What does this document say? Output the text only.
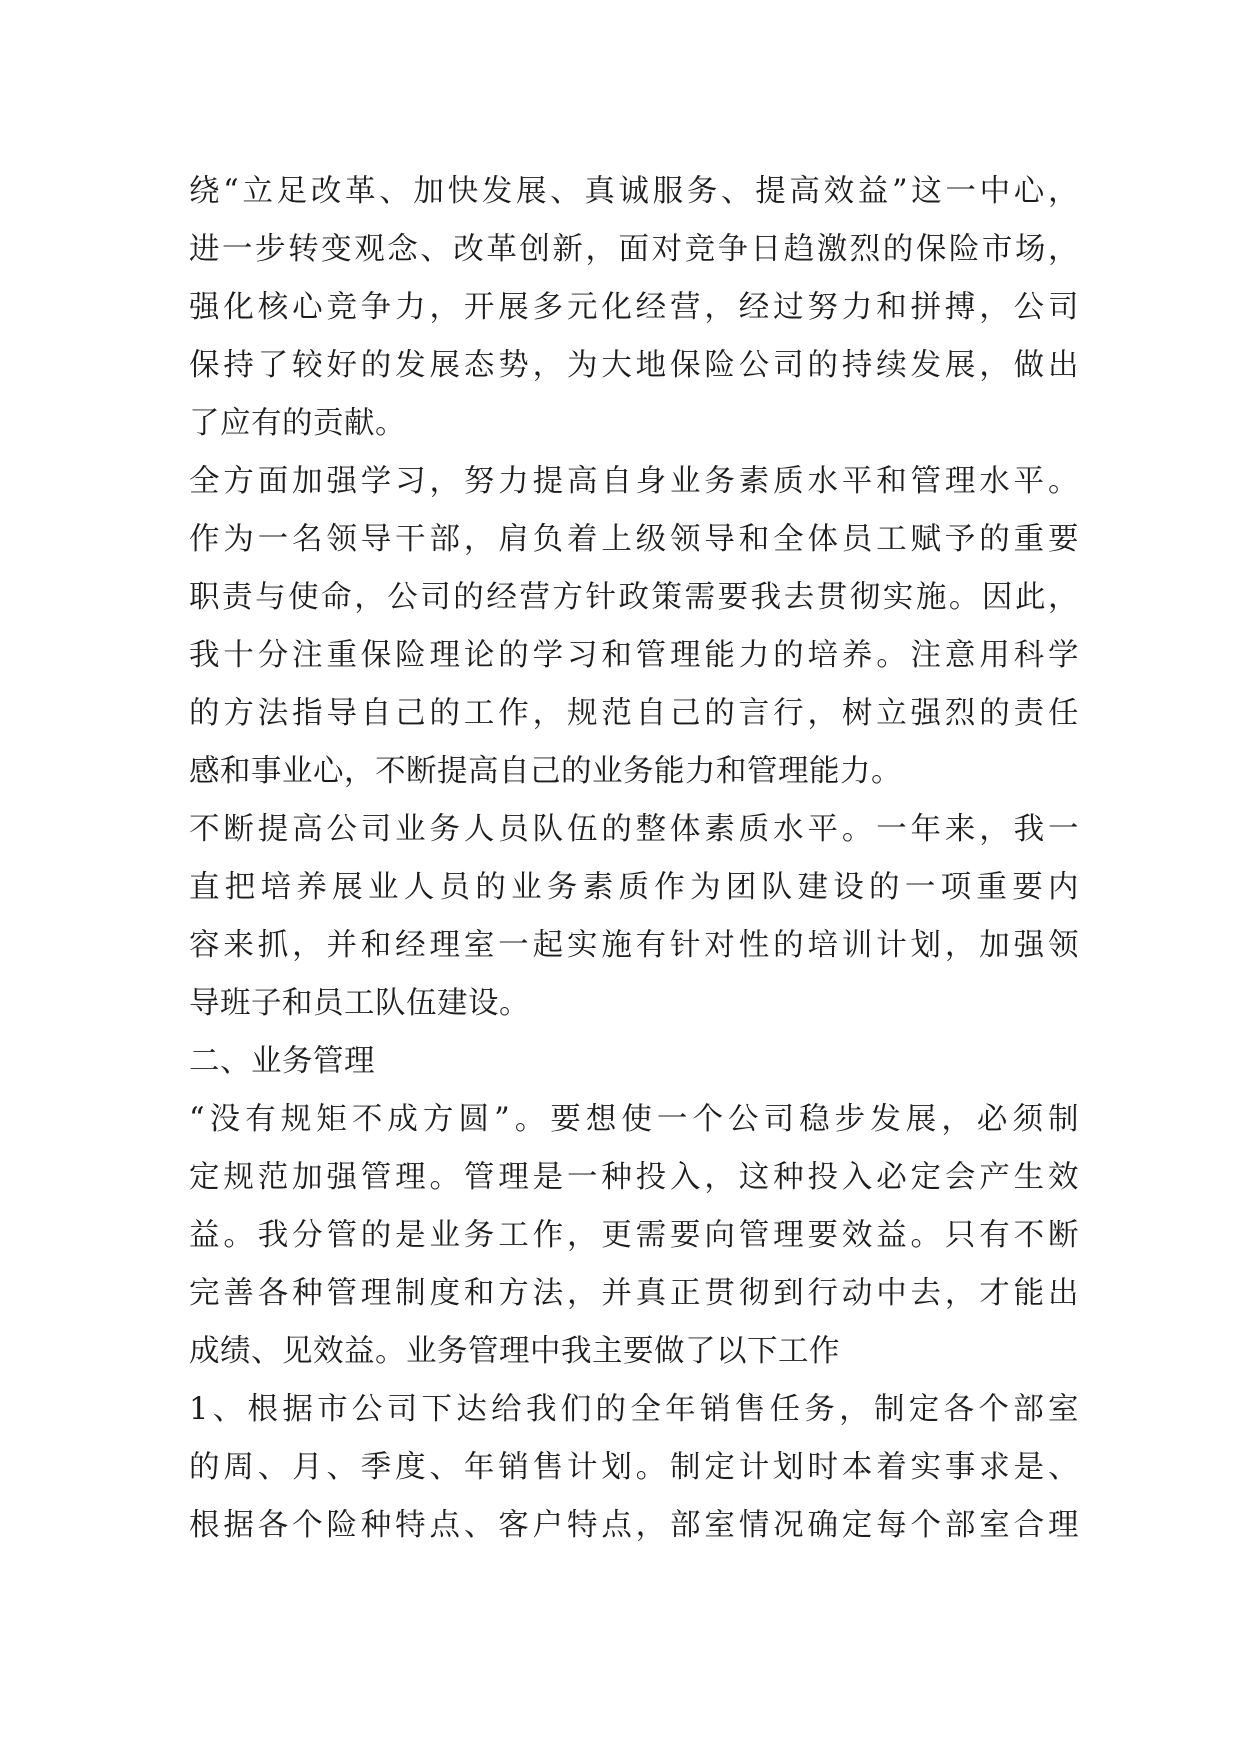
绕“立足改革、加快发展、真诚服务、提高效益”这一中心，
进一步转变观念、改革创新，面对竞争日趋激烈的保险市场，
强化核心竞争力，开展多元化经营，经过努力和拼搏，公司
保持了较好的发展态势，为大地保险公司的持续发展，做出
了应有的贡献。
全方面加强学习，努力提高自身业务素质水平和管理水平。
作为一名领导干部，肩负着上级领导和全体员工赋予的重要
职责与使命，公司的经营方针政策需要我去贯彻实施。因此，
我十分注重保险理论的学习和管理能力的培养。注意用科学
的方法指导自己的工作，规范自己的言行，树立强烈的责任
感和事业心，不断提高自己的业务能力和管理能力。
不断提高公司业务人员队伍的整体素质水平。一年来，我一
直把培养展业人员的业务素质作为团队建设的一项重要内
容来抓，并和经理室一起实施有针对性的培训计划，加强领
导班子和员工队伍建设。
二、业务管理
“没有规矩不成方圆”。要想使一个公司稳步发展，必须制
定规范加强管理。管理是一种投入，这种投入必定会产生效
益。我分管的是业务工作，更需要向管理要效益。只有不断
完善各种管理制度和方法，并真正贯彻到行动中去，才能出
成绩、见效益。业务管理中我主要做了以下工作
1、根据市公司下达给我们的全年销售任务，制定各个部室
的周、月、季度、年销售计划。制定计划时本着实事求是、
根据各个险种特点、客户特点，部室情况确定每个部室合理
